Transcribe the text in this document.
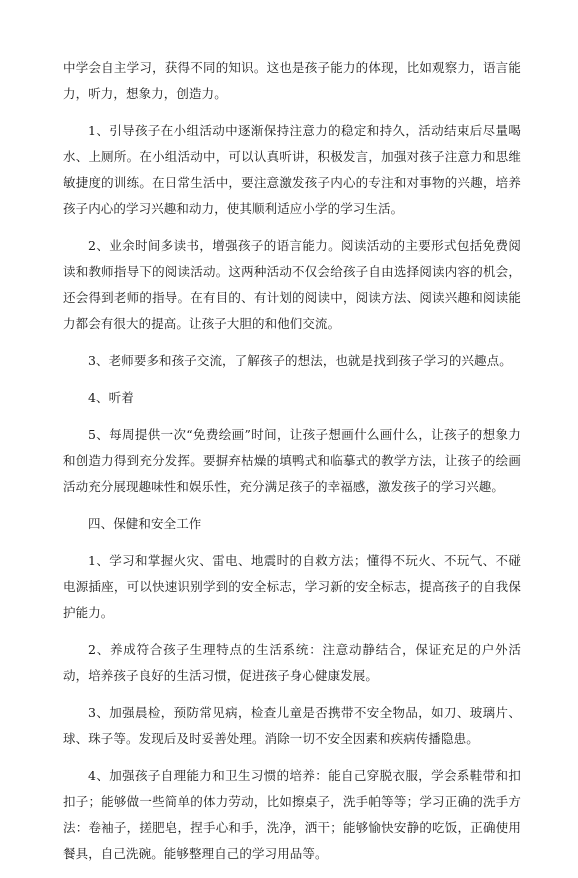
中学会自主学习，获得不同的知识。这也是孩子能力的体现，比如观察力，语言能力，听力，想象力，创造力。

1、引导孩子在小组活动中逐渐保持注意力的稳定和持久，活动结束后尽量喝水、上厕所。在小组活动中，可以认真听讲，积极发言，加强对孩子注意力和思维敏捷度的训练。在日常生活中，要注意激发孩子内心的专注和对事物的兴趣，培养孩子内心的学习兴趣和动力，使其顺利适应小学的学习生活。

2、业余时间多读书，增强孩子的语言能力。阅读活动的主要形式包括免费阅读和教师指导下的阅读活动。这两种活动不仅会给孩子自由选择阅读内容的机会，还会得到老师的指导。在有目的、有计划的阅读中，阅读方法、阅读兴趣和阅读能力都会有很大的提高。让孩子大胆的和他们交流。

3、老师要多和孩子交流，了解孩子的想法，也就是找到孩子学习的兴趣点。

4、听着

5、每周提供一次“免费绘画”时间，让孩子想画什么画什么，让孩子的想象力和创造力得到充分发挥。要摒弃枯燥的填鸭式和临摹式的教学方法，让孩子的绘画活动充分展现趣味性和娱乐性，充分满足孩子的幸福感，激发孩子的学习兴趣。

四、保健和安全工作

1、学习和掌握火灾、雷电、地震时的自救方法；懂得不玩火、不玩气、不碰电源插座，可以快速识别学到的安全标志，学习新的安全标志，提高孩子的自我保护能力。

2、养成符合孩子生理特点的生活系统：注意动静结合，保证充足的户外活动，培养孩子良好的生活习惯，促进孩子身心健康发展。

3、加强晨检，预防常见病，检查儿童是否携带不安全物品，如刀、玻璃片、球、珠子等。发现后及时妥善处理。消除一切不安全因素和疾病传播隐患。

4、加强孩子自理能力和卫生习惯的培养：能自己穿脱衣服，学会系鞋带和扣扣子；能够做一些简单的体力劳动，比如擦桌子，洗手帕等等；学习正确的洗手方法：卷袖子，搓肥皂，捏手心和手，洗净，洒干；能够愉快安静的吃饭，正确使用餐具，自己洗碗。能够整理自己的学习用品等。
